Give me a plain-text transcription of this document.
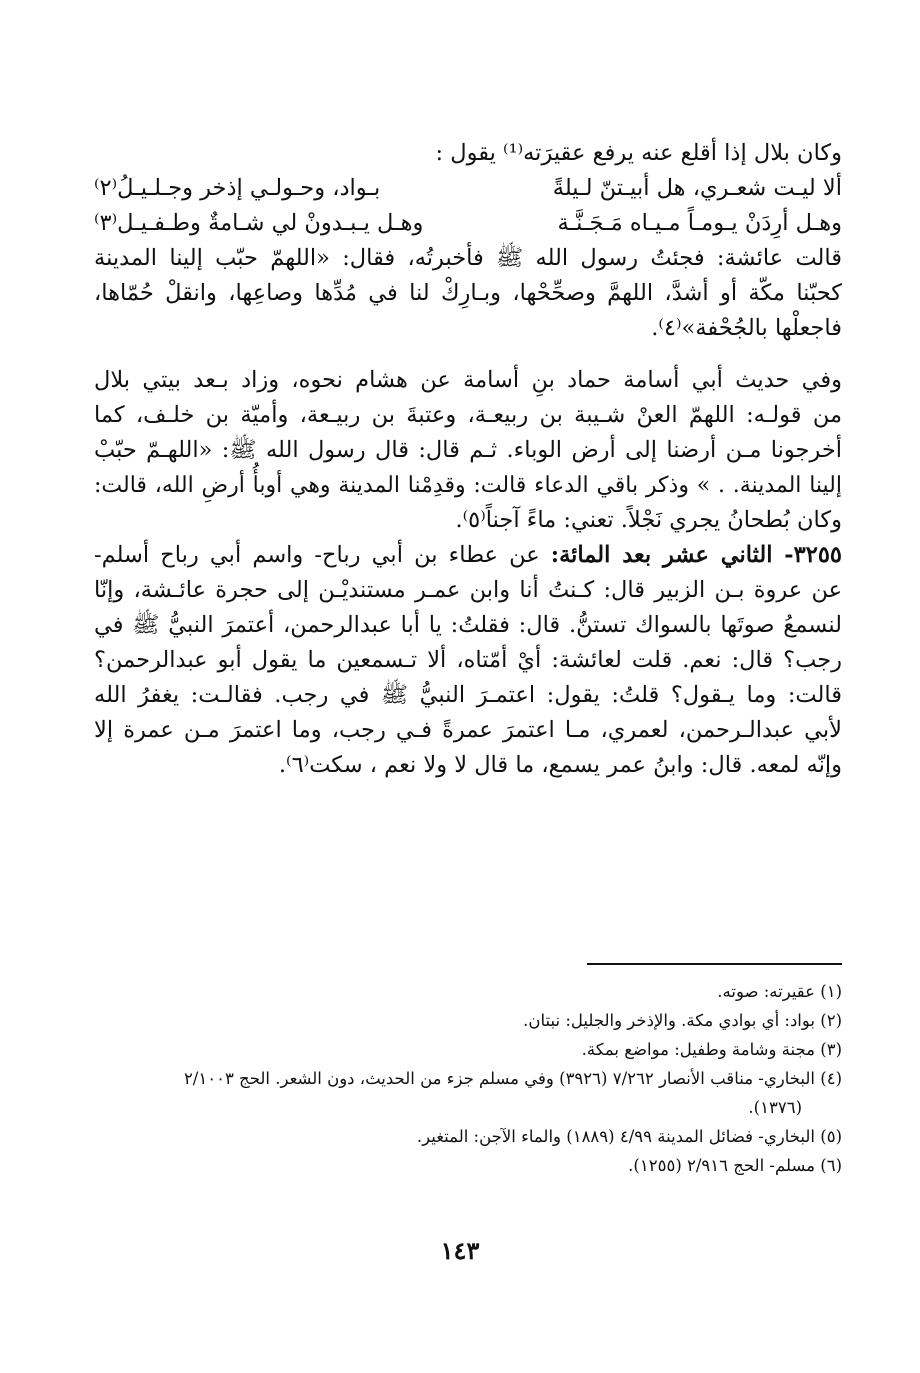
وكان بلال إذا أقلع عنه يرفع عقيرَته⁽¹⁾ يقول :

ألا ليـت شعـري، هل أبيـتنّ لـيلةً
بـواد، وحـولـي إذخر وجـلـيـلُ⁽٢⁾
وهـل أرِدَنْ يـومـاً مـيـاه مَـجَـنَّـة
وهـل يـبـدونْ لي شـامةٌ وطـفـيـل⁽٣⁾

قالت عائشة: فجئتُ رسول الله ﷺ فأخبرتُه، فقال: «اللهمّ حبّب إلينا المدينة
كحبّنا مكّة أو أشدَّ، اللهمَّ وصحِّحْها، وبـارِكْ لنا في مُدِّها وصاعِها، وانقلْ حُمّاها،
فاجعلْها بالجُحْفة»⁽٤⁾.

وفي حديث أبي أسامة حماد بنِ أسامة عن هشام نحوه، وزاد بـعد بيتي بلال
من قولـه: اللهمّ العنْ شـيبة بن ربيعـة، وعتبةَ بن ربيـعة، وأميّة بن خلـف، كما
أخرجونا مـن أرضنا إلى أرض الوباء. ثـم قال: قال رسول الله ﷺ: «اللهـمّ حبّبْ
إلينا المدينة. . » وذكر باقي الدعاء قالت: وقدِمْنا المدينة وهي أوبأُ أرضِ الله، قالت:
وكان بُطحانُ يجري نَجْلاً. تعني: ماءً آجناً⁽٥⁾.

٣٢٥٥- الثاني عشر بعد المائة: عن عطاء بن أبي رباح- واسم أبي رباح أسلم-
عن عروة بـن الزبير قال: كـنتُ أنا وابن عمـر مستنديْـن إلى حجرة عائـشة، وإنّا
لنسمعُ صوتَها بالسواك تستنُّ. قال: فقلتُ: يا أبا عبدالرحمن، أعتمرَ النبيُّ ﷺ في
رجب؟ قال: نعم. قلت لعائشة: أيْ أمّتاه، ألا تـسمعين ما يقول أبو عبدالرحمن؟
قالت: وما يـقول؟ قلتُ: يقول: اعتمـرَ النبيُّ ﷺ في رجب. فقالـت: يغفرُ الله
لأبي عبدالـرحمن، لعمري، مـا اعتمرَ عمرةً فـي رجب، وما اعتمرَ مـن عمرة إلا
وإنّه لمعه. قال: وابنُ عمر يسمع، ما قال لا ولا نعم ، سكت⁽٦⁾.

(١) عقيرته: صوته.
(٢) بواد: أي بوادي مكة. والإذخر والجليل: نبتان.
(٣) مجنة وشامة وطفيل: مواضع بمكة.
(٤) البخاري- مناقب الأنصار ٧/٢٦٢ (٣٩٢٦) وفي مسلم جزء من الحديث، دون الشعر. الحج ٢/١٠٠٣
(١٣٧٦).
(٥) البخاري- فضائل المدينة ٤/٩٩ (١٨٨٩) والماء الآجن: المتغير.
(٦) مسلم- الحج ٢/٩١٦ (١٢٥٥).
١٤٣
